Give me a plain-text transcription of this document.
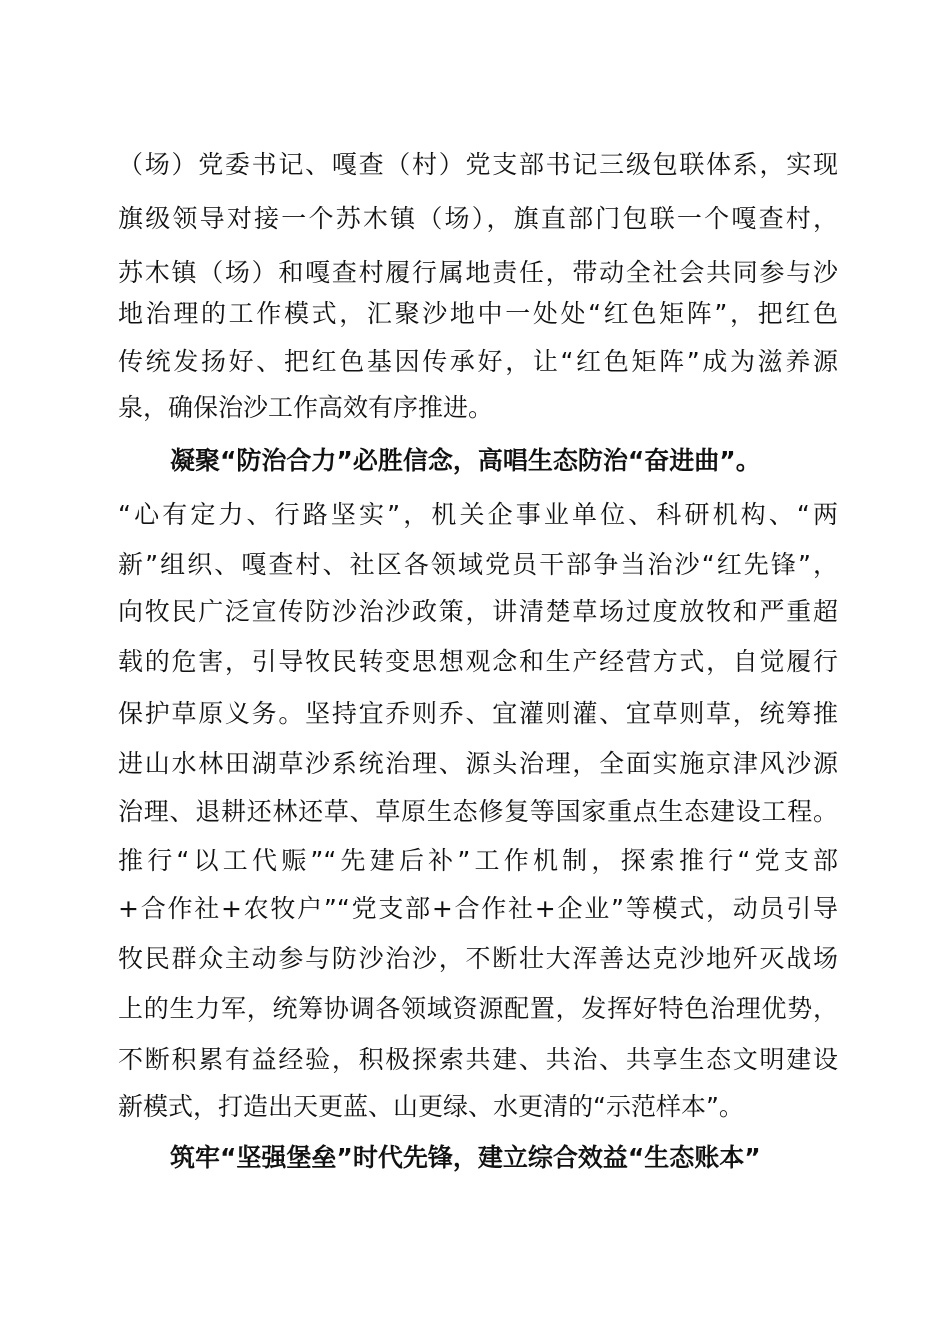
（场）党委书记、嘎查（村）党支部书记三级包联体系，实现
旗级领导对接一个苏木镇（场），旗直部门包联一个嘎查村，
苏木镇（场）和嘎查村履行属地责任，带动全社会共同参与沙
地治理的工作模式，汇聚沙地中一处处“红色矩阵”，把红色
传统发扬好、把红色基因传承好，让“红色矩阵”成为滋养源
泉，确保治沙工作高效有序推进。
凝聚“防治合力”必胜信念，高唱生态防治“奋进曲”。
“心有定力、行路坚实”，机关企事业单位、科研机构、“两
新”组织、嘎查村、社区各领域党员干部争当治沙“红先锋”，
向牧民广泛宣传防沙治沙政策，讲清楚草场过度放牧和严重超
载的危害，引导牧民转变思想观念和生产经营方式，自觉履行
保护草原义务。坚持宜乔则乔、宜灌则灌、宜草则草，统筹推
进山水林田湖草沙系统治理、源头治理，全面实施京津风沙源
治理、退耕还林还草、草原生态修复等国家重点生态建设工程。
推行“以工代赈”“先建后补”工作机制，探索推行“党支部
+合作社+农牧户”“党支部+合作社+企业”等模式，动员引导
牧民群众主动参与防沙治沙，不断壮大浑善达克沙地歼灭战场
上的生力军，统筹协调各领域资源配置，发挥好特色治理优势，
不断积累有益经验，积极探索共建、共治、共享生态文明建设
新模式，打造出天更蓝、山更绿、水更清的“示范样本”。
筑牢“坚强堡垒”时代先锋，建立综合效益“生态账本”
